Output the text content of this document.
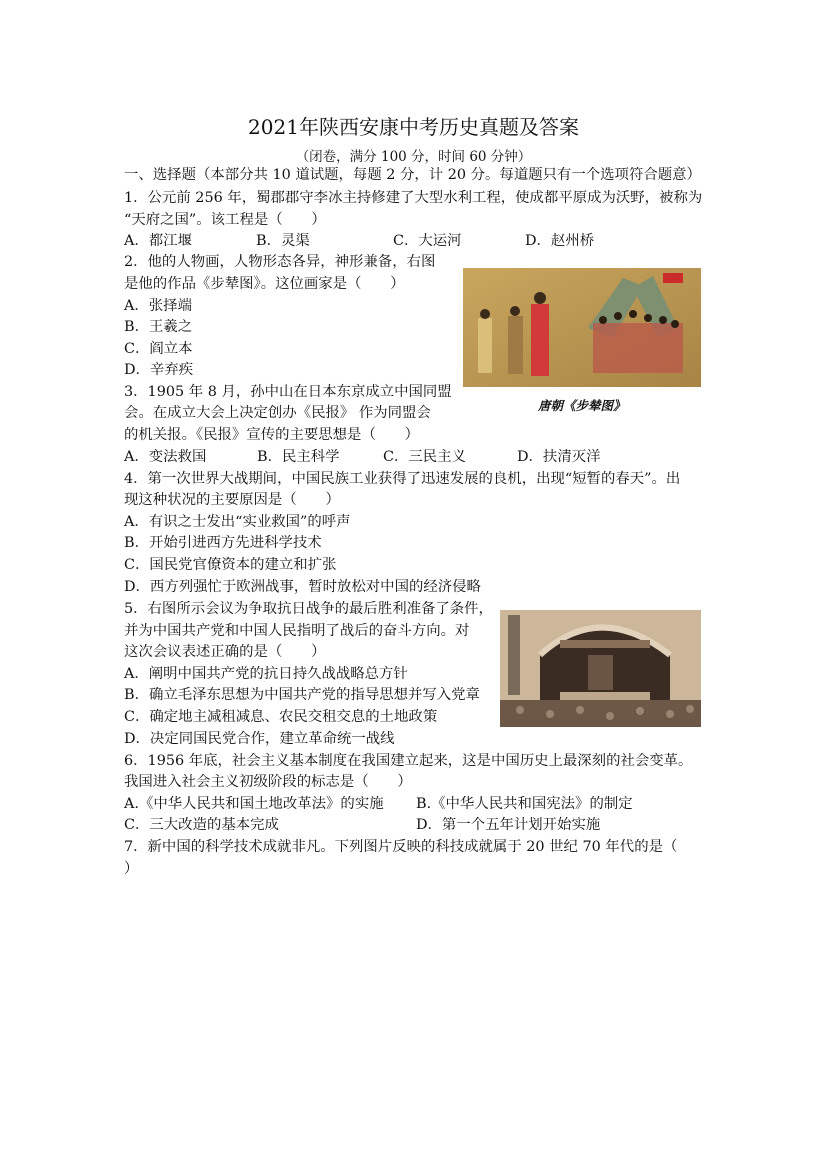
2021年陕西安康中考历史真题及答案
（闭卷，满分 100 分，时间 60 分钟）
一、选择题（本部分共 10 道试题，每题 2 分，计 20 分。每道题只有一个选项符合题意）
1．公元前 256 年，蜀郡郡守李冰主持修建了大型水利工程，使成都平原成为沃野，被称为
“天府之国”。该工程是（　　）
A．都江堰	B．灵渠	C．大运河	D．赵州桥
2．他的人物画，人物形态各异，神形兼备，右图
是他的作品《步辇图》。这位画家是（　　）
A．张择端
B．王羲之
C．阎立本
D．辛弃疾
唐朝《步辇图》
3．1905 年 8 月，孙中山在日本东京成立中国同盟
会。在成立大会上决定创办《民报》 作为同盟会
的机关报。《民报》宣传的主要思想是（　　）
A．变法救国	B．民主科学	C．三民主义	D．扶清灭洋
4．第一次世界大战期间，中国民族工业获得了迅速发展的良机，出现“短暂的春天”。出
现这种状况的主要原因是（　　）
A．有识之士发出“实业救国”的呼声
B．开始引进西方先进科学技术
C．国民党官僚资本的建立和扩张
D．西方列强忙于欧洲战事，暂时放松对中国的经济侵略
5．右图所示会议为争取抗日战争的最后胜利准备了条件，
并为中国共产党和中国人民指明了战后的奋斗方向。对
这次会议表述正确的是（　　）
A．阐明中国共产党的抗日持久战战略总方针
B．确立毛泽东思想为中国共产党的指导思想并写入党章
C．确定地主减租减息、农民交租交息的土地政策
D．决定同国民党合作，建立革命统一战线
6．1956 年底，社会主义基本制度在我国建立起来，这是中国历史上最深刻的社会变革。
我国进入社会主义初级阶段的标志是（　　）
A.《中华人民共和国土地改革法》的实施 B.《中华人民共和国宪法》的制定
C．三大改造的基本完成	D．第一个五年计划开始实施
7．新中国的科学技术成就非凡。下列图片反映的科技成就属于 20 世纪 70 年代的是（
）
